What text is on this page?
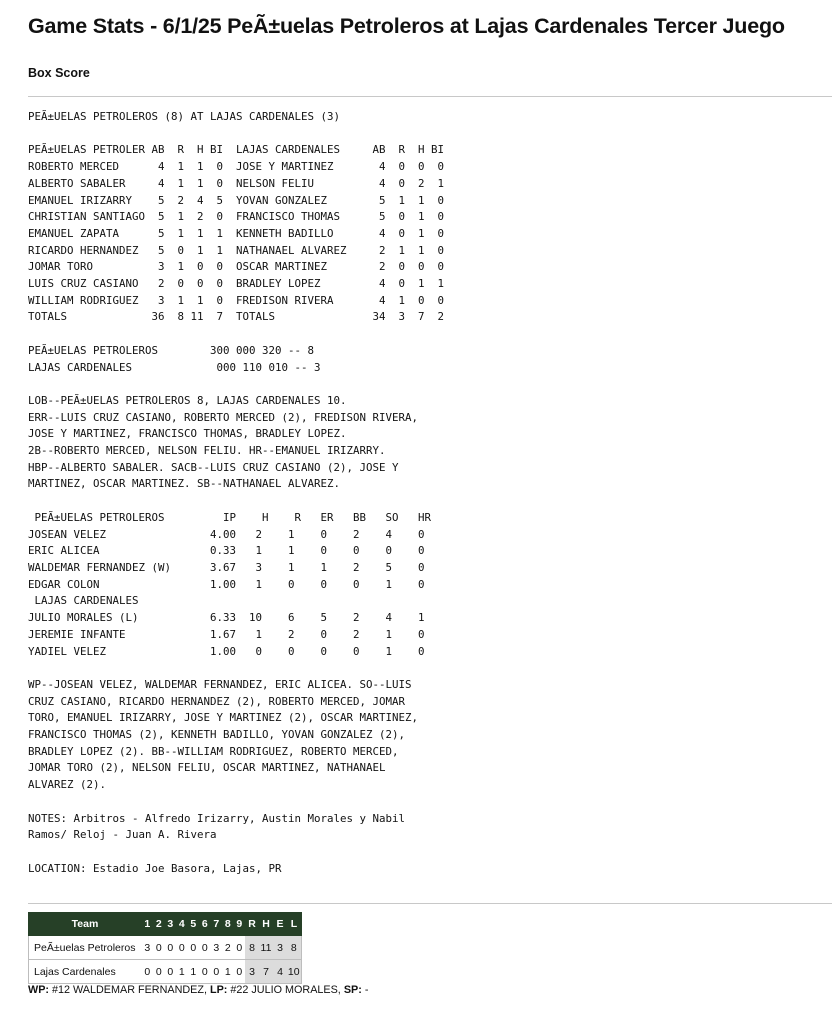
Game Stats - 6/1/25 PeÃ±uelas Petroleros at Lajas Cardenales Tercer Juego
Box Score
PEÃ±UELAS PETROLEROS (8) AT LAJAS CARDENALES (3)

PEÃ±UELAS PETROLER AB  R  H BI  LAJAS CARDENALES     AB  R  H BI
ROBERTO MERCED      4  1  1  0  JOSE Y MARTINEZ       4  0  0  0
ALBERTO SABALER     4  1  1  0  NELSON FELIU          4  0  2  1
EMANUEL IRIZARRY    5  2  4  5  YOVAN GONZALEZ        5  1  1  0
CHRISTIAN SANTIAGO  5  1  2  0  FRANCISCO THOMAS      5  0  1  0
EMANUEL ZAPATA      5  1  1  1  KENNETH BADILLO       4  0  1  0
RICARDO HERNANDEZ   5  0  1  1  NATHANAEL ALVAREZ     2  1  1  0
JOMAR TORO          3  1  0  0  OSCAR MARTINEZ        2  0  0  0
LUIS CRUZ CASIANO   2  0  0  0  BRADLEY LOPEZ         4  0  1  1
WILLIAM RODRIGUEZ   3  1  1  0  FREDISON RIVERA       4  1  0  0
TOTALS             36  8 11  7  TOTALS               34  3  7  2

PEÃ±UELAS PETROLEROS        300 000 320 -- 8
LAJAS CARDENALES             000 110 010 -- 3

LOB--PEÃ±UELAS PETROLEROS 8, LAJAS CARDENALES 10.
ERR--LUIS CRUZ CASIANO, ROBERTO MERCED (2), FREDISON RIVERA,
JOSE Y MARTINEZ, FRANCISCO THOMAS, BRADLEY LOPEZ.
2B--ROBERTO MERCED, NELSON FELIU. HR--EMANUEL IRIZARRY.
HBP--ALBERTO SABALER. SACB--LUIS CRUZ CASIANO (2), JOSE Y
MARTINEZ, OSCAR MARTINEZ. SB--NATHANAEL ALVAREZ.

PEÃ±UELAS PETROLEROS         IP    H    R   ER   BB   SO   HR
JOSEAN VELEZ                4.00   2    1    0    2    4    0
ERIC ALICEA                 0.33   1    1    0    0    0    0
WALDEMAR FERNANDEZ (W)      3.67   3    1    1    2    5    0
EDGAR COLON                 1.00   1    0    0    0    1    0
LAJAS CARDENALES
JULIO MORALES (L)           6.33  10    6    5    2    4    1
JEREMIE INFANTE             1.67   1    2    0    2    1    0
YADIEL VELEZ                1.00   0    0    0    0    1    0

WP--JOSEAN VELEZ, WALDEMAR FERNANDEZ, ERIC ALICEA. SO--LUIS
CRUZ CASIANO, RICARDO HERNANDEZ (2), ROBERTO MERCED, JOMAR
TORO, EMANUEL IRIZARRY, JOSE Y MARTINEZ (2), OSCAR MARTINEZ,
FRANCISCO THOMAS (2), KENNETH BADILLO, YOVAN GONZALEZ (2),
BRADLEY LOPEZ (2). BB--WILLIAM RODRIGUEZ, ROBERTO MERCED,
JOMAR TORO (2), NELSON FELIU, OSCAR MARTINEZ, NATHANAEL
ALVAREZ (2).

NOTES: Arbitros - Alfredo Irizarry, Austin Morales y Nabil
Ramos/ Reloj - Juan A. Rivera

LOCATION: Estadio Joe Basora, Lajas, PR
Team	1	2	3	4	5	6	7	8	9	R	H	E	L
PeÃ±uelas Petroleros	3	0	0	0	0	0	3	2	0	8	11	3	8
Lajas Cardenales	0	0	0	1	1	0	0	1	0	3	7	4	10
WP: #12 WALDEMAR FERNANDEZ, LP: #22 JULIO MORALES, SP: -
